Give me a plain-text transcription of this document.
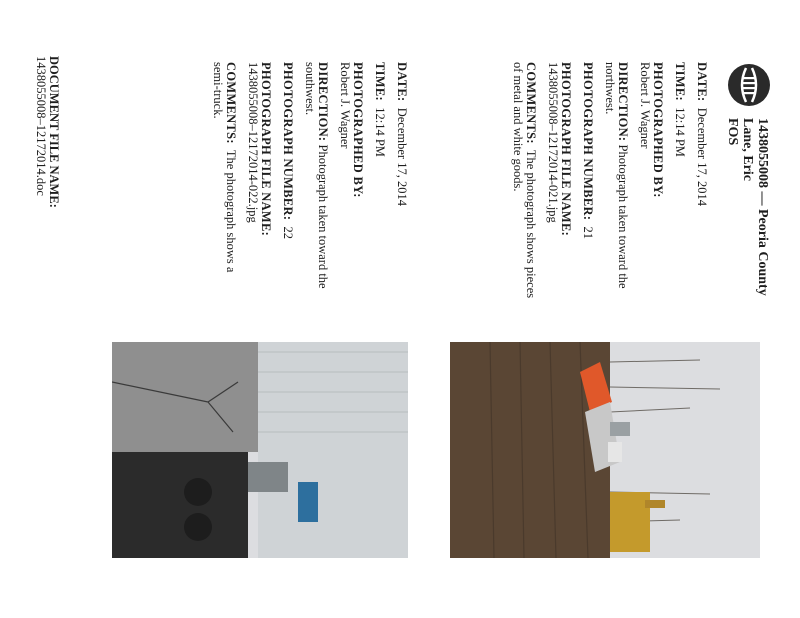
1438055008 — Peoria County
Lane, Eric
FOS
DATE:  December 17, 2014
TIME:  12:14 PM
PHOTOGRAPHED BY:
Robert J. Wagner
DIRECTION: Photograph taken toward the northwest.
PHOTOGRAPH NUMBER:  21
PHOTOGRAPH FILE NAME:
1438055008–12172014-021.jpg
COMMENTS:  The photograph shows pieces of metal and white goods.
DATE:  December 17, 2014
TIME:  12:14 PM
PHOTOGRAPHED BY:
Robert J. Wagner
DIRECTION: Photograph taken toward the southwest.
PHOTOGRAPH NUMBER:  22
PHOTOGRAPH FILE NAME:
1438055008–12172014-022.jpg
COMMENTS:  The photograph shows a semi-truck.
DOCUMENT FILE NAME:
1438055008–12172014.doc
